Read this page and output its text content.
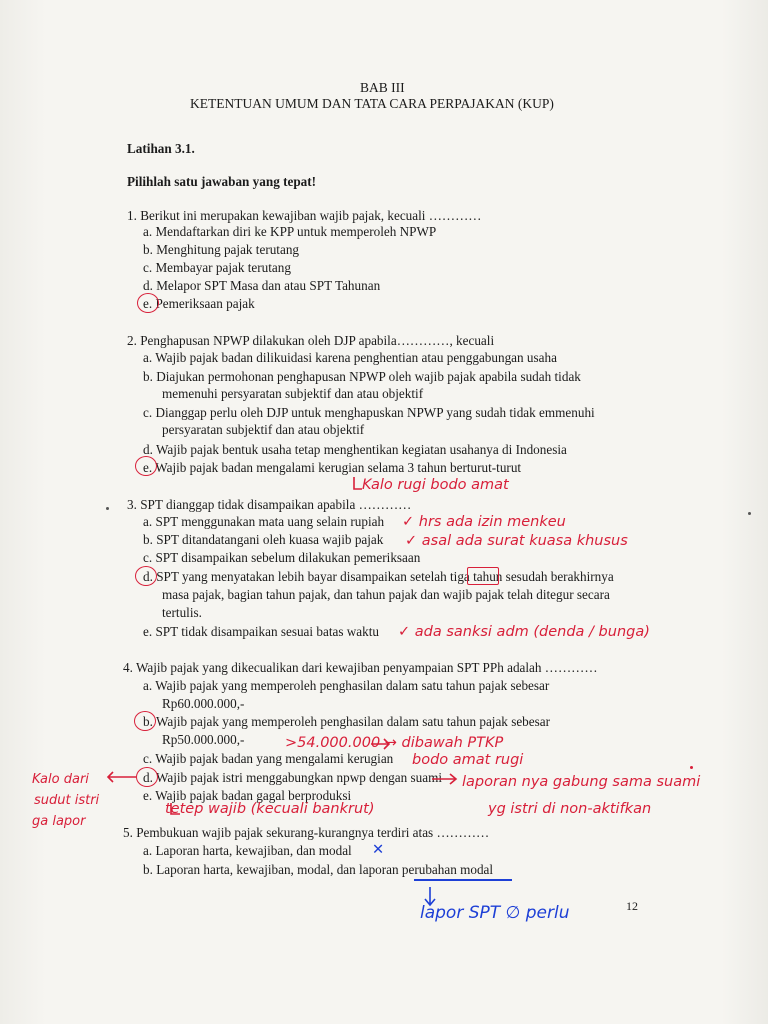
BAB III
KETENTUAN UMUM DAN TATA CARA PERPAJAKAN (KUP)
Latihan 3.1.
Pilihlah satu jawaban yang tepat!
1. Berikut ini merupakan kewajiban wajib pajak, kecuali …………
a. Mendaftarkan diri ke KPP untuk memperoleh NPWP
b. Menghitung pajak terutang
c. Membayar pajak terutang
d. Melapor SPT Masa dan atau SPT Tahunan
e. Pemeriksaan pajak
2. Penghapusan NPWP dilakukan oleh DJP apabila…………, kecuali
a. Wajib pajak badan dilikuidasi karena penghentian atau penggabungan usaha
b. Diajukan permohonan penghapusan NPWP oleh wajib pajak apabila sudah tidak
memenuhi persyaratan subjektif dan atau objektif
c. Dianggap perlu oleh DJP untuk menghapuskan NPWP yang sudah tidak emmenuhi
persyaratan subjektif dan atau objektif
d. Wajib pajak bentuk usaha tetap menghentikan kegiatan usahanya di Indonesia
e. Wajib pajak badan mengalami kerugian selama 3 tahun berturut-turut
Kalo rugi bodo amat
3. SPT dianggap tidak disampaikan apabila …………
a. SPT menggunakan mata uang selain rupiah ✓ hrs ada izin menkeu
b. SPT ditandatangani oleh kuasa wajib pajak ✓ asal ada surat kuasa khusus
c. SPT disampaikan sebelum dilakukan pemeriksaan
d. SPT yang menyatakan lebih bayar disampaikan setelah tiga tahun sesudah berakhirnya
masa pajak, bagian tahun pajak, dan tahun pajak dan wajib pajak telah ditegur secara
tertulis.
e. SPT tidak disampaikan sesuai batas waktu ✓ ada sanksi adm (denda / bunga)
4. Wajib pajak yang dikecualikan dari kewajiban penyampaian SPT PPh adalah …………
a. Wajib pajak yang memperoleh penghasilan dalam satu tahun pajak sebesar
Rp60.000.000,-
b. Wajib pajak yang memperoleh penghasilan dalam satu tahun pajak sebesar
Rp50.000.000,-	>54.000.000 → dibawah PTKP
c. Wajib pajak badan yang mengalami kerugian bodo amat rugi
d. Wajib pajak istri menggabungkan npwp dengan suami laporan nya gabung sama suami
e. Wajib pajak badan gagal berproduksi
yg istri di non-aktifkan
tetep wajib (kecuali bankrut)
Kalo dari
sudut istri
ga lapor
5. Pembukuan wajib pajak sekurang-kurangnya terdiri atas …………
a. Laporan harta, kewajiban, dan modal ✕
b. Laporan harta, kewajiban, modal, dan laporan perubahan modal
lapor SPT ∅ perlu	12
